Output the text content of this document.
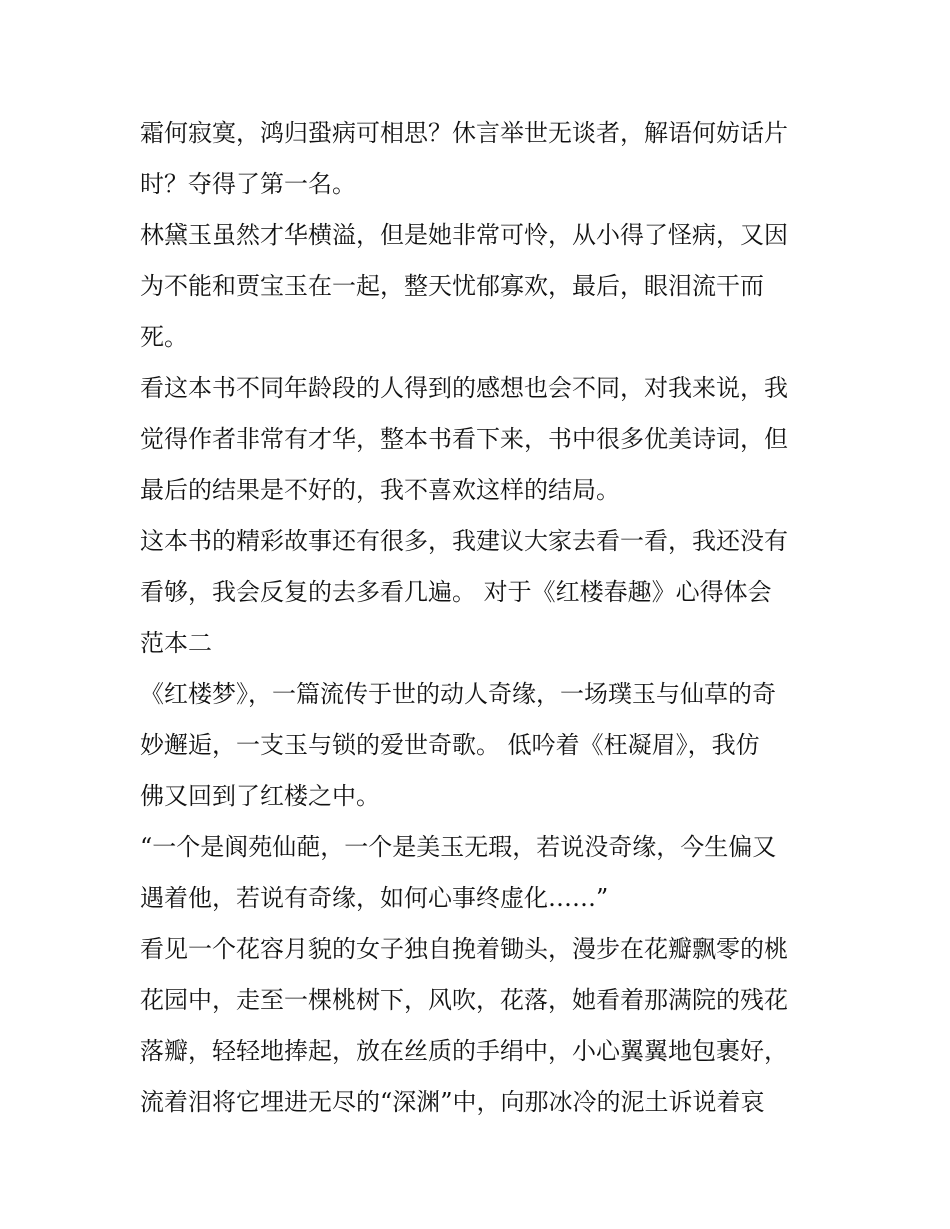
霜何寂寞，鸿归蛩病可相思？休言举世无谈者，解语何妨话片
时？夺得了第一名。
林黛玉虽然才华横溢，但是她非常可怜，从小得了怪病，又因
为不能和贾宝玉在一起，整天忧郁寡欢，最后，眼泪流干而
死。
看这本书不同年龄段的人得到的感想也会不同，对我来说，我
觉得作者非常有才华，整本书看下来，书中很多优美诗词，但
最后的结果是不好的，我不喜欢这样的结局。
这本书的精彩故事还有很多，我建议大家去看一看，我还没有
看够，我会反复的去多看几遍。 对于《红楼春趣》心得体会
范本二
《红楼梦》，一篇流传于世的动人奇缘，一场璞玉与仙草的奇
妙邂逅，一支玉与锁的爱世奇歌。 低吟着《枉凝眉》，我仿
佛又回到了红楼之中。
“一个是阆苑仙葩，一个是美玉无瑕，若说没奇缘，今生偏又
遇着他，若说有奇缘，如何心事终虚化……”
看见一个花容月貌的女子独自挽着锄头，漫步在花瓣飘零的桃
花园中，走至一棵桃树下，风吹，花落，她看着那满院的残花
落瓣，轻轻地捧起，放在丝质的手绢中，小心翼翼地包裹好，
流着泪将它埋进无尽的“深渊”中，向那冰冷的泥土诉说着哀
